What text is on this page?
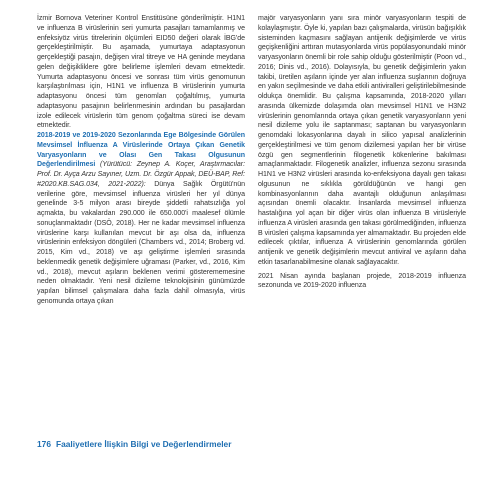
İzmir Bornova Veteriner Kontrol Enstitüsüne gönderilmiştir. H1N1 ve influenza B virüslerinin seri yumurta pasajları tamamlanmış ve enfeksiyöz virüs titrelerinin ölçümleri EID50 değeri olarak İBG'de gerçekleştirilmiştir. Bu aşamada, yumurtaya adaptasyonun gerçekleştiği pasajın, değişen viral titreye ve HA geninde meydana gelen değişikliklere göre belirleme işlemleri devam etmektedir. Yumurta adaptasyonu öncesi ve sonrası tüm virüs genomunun karşılaştırılması için, H1N1 ve influenza B virüslerinin yumurta adaptasyonu öncesi tüm genomları çoğaltılmış, yumurta adaptasyonu pasajının belirlenmesinin ardından bu pasajlardan izole edilecek virüslerin tüm genom çoğaltma süreci ise devam etmektedir.

2018-2019 ve 2019-2020 Sezonlarında Ege Bölgesinde Görülen Mevsimsel İnfluenza A Virüslerinde Ortaya Çıkan Genetik Varyasyonların ve Olası Gen Takası Olgusunun Değerlendirilmesi (Yürütücü: Zeynep A. Koçer, Araştırmacılar: Prof. Dr. Ayça Arzu Sayıner, Uzm. Dr. Özgür Appak, DEÜ-BAP, Ref: #2020.KB.SAG.034, 2021-2022): Dünya Sağlık Örgütü'nün verilerine göre, mevsimsel influenza virüsleri her yıl dünya genelinde 3-5 milyon arası bireyde şiddetli rahatsızlığa yol açmakta, bu vakalardan 290.000 ile 650.000'i maalesef ölümle sonuçlanmaktadır (DSÖ, 2018). Her ne kadar mevsimsel influenza virüslerine karşı kullanılan mevcut bir aşı olsa da, influenza virüslerinin enfeksiyon döngüleri (Chambers vd., 2014; Broberg vd. 2015, Kim vd., 2018) ve aşı geliştirme işlemleri sırasında beklenmedik genetik değişimlere uğraması (Parker, vd., 2016, Kim vd., 2018), mevcut aşıların beklenen verimi gösterememesine neden olmaktadır. Yeni nesil dizileme teknolojisinin günümüzde yapılan bilimsel çalışmalara daha fazla dahil olmasıyla, virüs genomunda ortaya çıkan

majör varyasyonların yanı sıra minör varyasyonların tespiti de kolaylaşmıştır. Öyle ki, yapılan bazı çalışmalarda, virüsün bağışıklık sisteminden kaçmasını sağlayan antijenik değişimlerde ve virüs geçişkenliğini arttıran mutasyonlarda virüs popülasyonundaki minör varyasyonların önemli bir role sahip olduğu gösterilmiştir (Poon vd., 2016; Dinis vd., 2016). Dolayısıyla, bu genetik değişimlerin yakın takibi, üretilen aşıların içinde yer alan influenza suşlarının doğruya en yakın seçilmesinde ve daha etkili antiviralleri geliştirilebilmesinde oldukça önemlidir. Bu çalışma kapsamında, 2018-2020 yılları arasında ülkemizde dolaşımda olan mevsimsel H1N1 ve H3N2 virüslerinin genomlarında ortaya çıkan genetik varyasyonların yeni nesil dizileme yolu ile saptanması; saptanan bu varyasyonların genomdaki lokasyonlarına dayalı in silico yapısal analizlerinin gerçekleştirilmesi ve tüm genom dizilemesi yapılan her bir virüse özgü gen segmentlerinin filogenetik kökenlerine bakılması amaçlanmaktadır. Filogenetik analizler, influenza sezonu sırasında H1N1 ve H3N2 virüsleri arasında ko-enfeksiyona dayalı gen takası olgusunun ne sıklıkla görüldüğünün ve hangi gen kombinasyonlarının daha avantajlı olduğunun anlaşılması açısından önemli olacaktır. İnsanlarda mevsimsel influenza hastalığına yol açan bir diğer virüs olan influenza B virüsleriyle influenza A virüsleri arasında gen takası görülmediğinden, influenza B virüsleri çalışma kapsamında yer almamaktadır. Bu projeden elde edilecek çıktılar, influenza A virüslerinin genomlarında görülen antijenik ve genetik değişimlerin mevcut antiviral ve aşıların daha etkin tasarlanabilmesine olanak sağlayacaktır.

2021 Nisan ayında başlanan projede, 2018-2019 influenza sezonunda ve 2019-2020 influenza

176 Faaliyetlere İlişkin Bilgi ve Değerlendirmeler
